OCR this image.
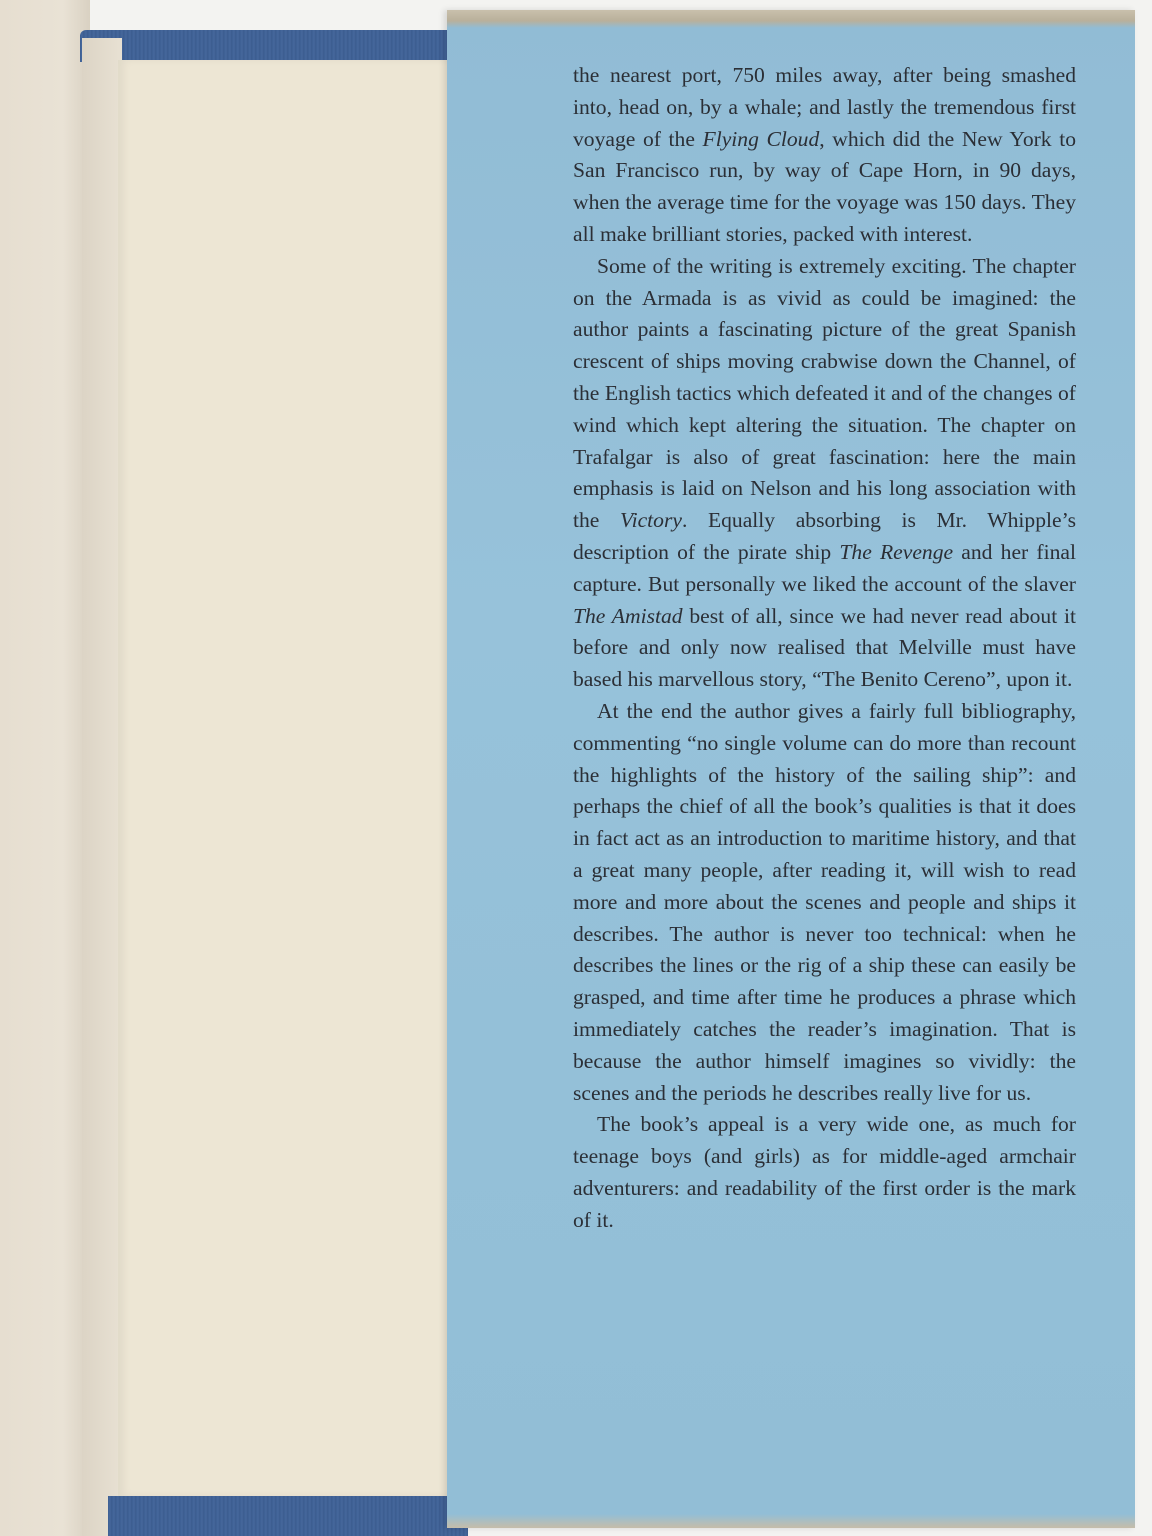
the nearest port, 750 miles away, after being smashed into, head on, by a whale; and lastly the tremendous first voyage of the Flying Cloud, which did the New York to San Francisco run, by way of Cape Horn, in 90 days, when the average time for the voyage was 150 days. They all make brilliant stories, packed with interest.

Some of the writing is extremely exciting. The chapter on the Armada is as vivid as could be imagined: the author paints a fascinating picture of the great Spanish crescent of ships moving crabwise down the Channel, of the English tactics which defeated it and of the changes of wind which kept altering the situation. The chapter on Trafalgar is also of great fascination: here the main emphasis is laid on Nelson and his long association with the Victory. Equally absorbing is Mr. Whipple’s description of the pirate ship The Revenge and her final capture. But personally we liked the account of the slaver The Amistad best of all, since we had never read about it before and only now realised that Melville must have based his marvellous story, “The Benito Cereno”, upon it.

At the end the author gives a fairly full bibliography, commenting “no single volume can do more than recount the highlights of the history of the sailing ship”: and perhaps the chief of all the book’s qualities is that it does in fact act as an introduction to maritime history, and that a great many people, after reading it, will wish to read more and more about the scenes and people and ships it describes. The author is never too technical: when he describes the lines or the rig of a ship these can easily be grasped, and time after time he produces a phrase which immediately catches the reader’s imagination. That is because the author himself imagines so vividly: the scenes and the periods he describes really live for us.

The book’s appeal is a very wide one, as much for teenage boys (and girls) as for middle-aged armchair adventurers: and readability of the first order is the mark of it.
